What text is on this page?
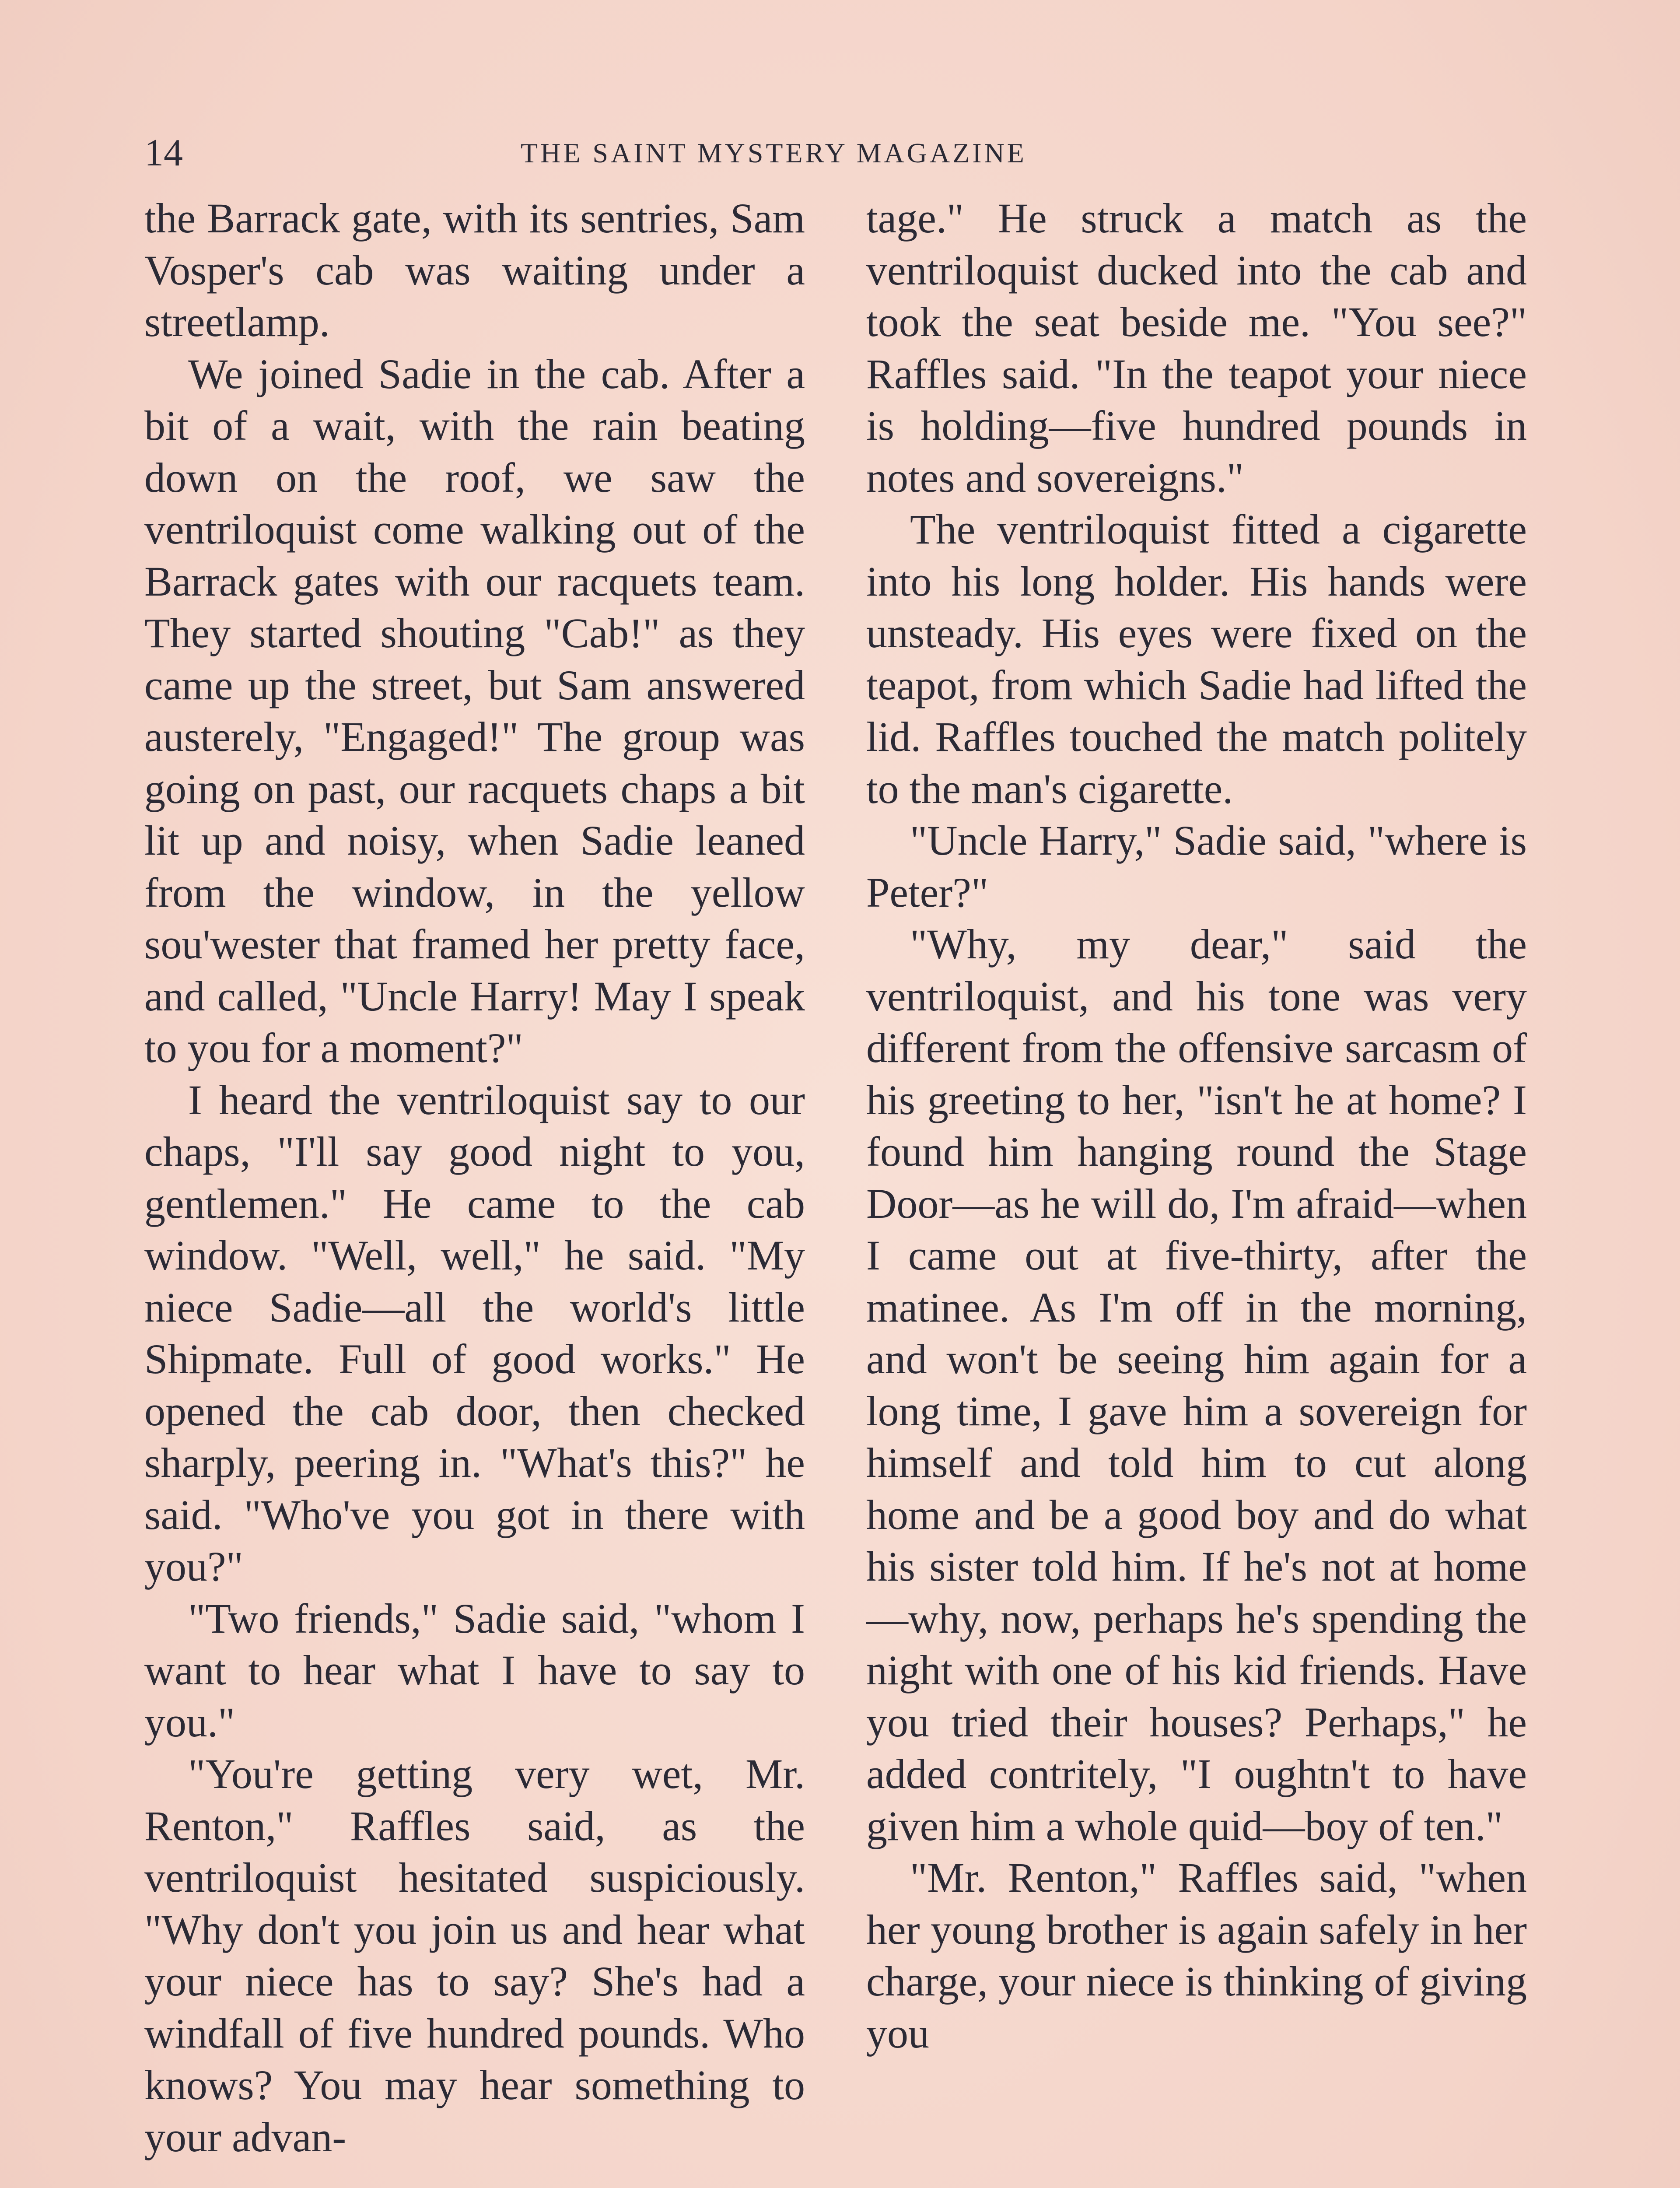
14	THE SAINT MYSTERY MAGAZINE

the Barrack gate, with its sentries, Sam Vosper's cab was waiting under a streetlamp.

We joined Sadie in the cab. After a bit of a wait, with the rain beating down on the roof, we saw the ventriloquist come walking out of the Barrack gates with our racquets team. They started shouting "Cab!" as they came up the street, but Sam answered austerely, "Engaged!" The group was going on past, our racquets chaps a bit lit up and noisy, when Sadie leaned from the window, in the yellow sou'wester that framed her pretty face, and called, "Uncle Harry! May I speak to you for a moment?"

I heard the ventriloquist say to our chaps, "I'll say good night to you, gentlemen." He came to the cab window. "Well, well," he said. "My niece Sadie—all the world's little Shipmate. Full of good works." He opened the cab door, then checked sharply, peering in. "What's this?" he said. "Who've you got in there with you?"

"Two friends," Sadie said, "whom I want to hear what I have to say to you."

"You're getting very wet, Mr. Renton," Raffles said, as the ventriloquist hesitated suspiciously. "Why don't you join us and hear what your niece has to say? She's had a windfall of five hundred pounds. Who knows? You may hear something to your advan-

tage." He struck a match as the ventriloquist ducked into the cab and took the seat beside me. "You see?" Raffles said. "In the teapot your niece is holding—five hundred pounds in notes and sovereigns."

The ventriloquist fitted a cigarette into his long holder. His hands were unsteady. His eyes were fixed on the teapot, from which Sadie had lifted the lid. Raffles touched the match politely to the man's cigarette.

"Uncle Harry," Sadie said, "where is Peter?"

"Why, my dear," said the ventriloquist, and his tone was very different from the offensive sarcasm of his greeting to her, "isn't he at home? I found him hanging round the Stage Door—as he will do, I'm afraid—when I came out at five-thirty, after the matinee. As I'm off in the morning, and won't be seeing him again for a long time, I gave him a sovereign for himself and told him to cut along home and be a good boy and do what his sister told him. If he's not at home—why, now, perhaps he's spending the night with one of his kid friends. Have you tried their houses? Perhaps," he added contritely, "I oughtn't to have given him a whole quid—boy of ten."

"Mr. Renton," Raffles said, "when her young brother is again safely in her charge, your niece is thinking of giving you
